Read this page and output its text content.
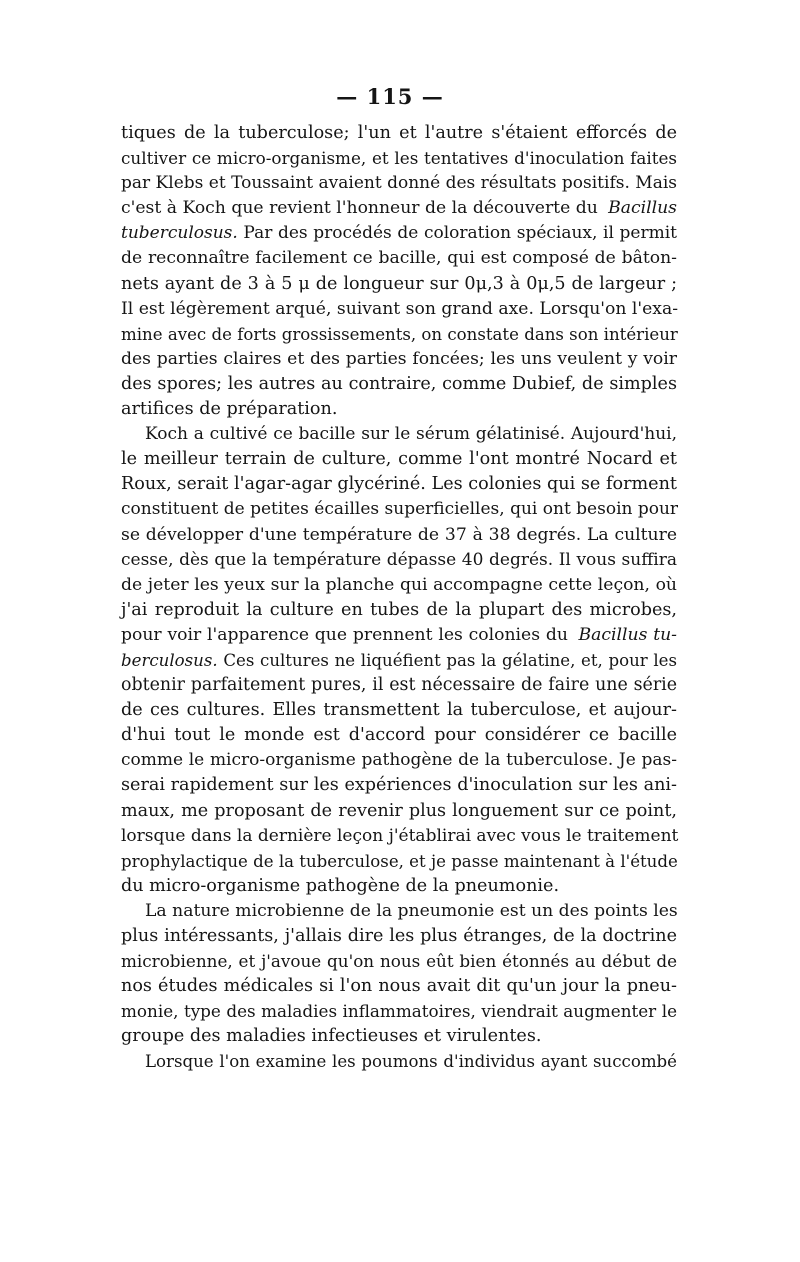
— 115 —
tiques de la tuberculose; l'un et l'autre s'étaient efforcés de
cultiver ce micro-organisme, et les tentatives d'inoculation faites
par Klebs et Toussaint avaient donné des résultats positifs. Mais
c'est à Koch que revient l'honneur de la découverte du Bacillus
tuberculosus. Par des procédés de coloration spéciaux, il permit
de reconnaître facilement ce bacille, qui est composé de bâton-
nets ayant de 3 à 5 μ de longueur sur 0μ,3 à 0μ,5 de largeur ;
Il est légèrement arqué, suivant son grand axe. Lorsqu'on l'exa-
mine avec de forts grossissements, on constate dans son intérieur
des parties claires et des parties foncées; les uns veulent y voir
des spores; les autres au contraire, comme Dubief, de simples
artifices de préparation.
Koch a cultivé ce bacille sur le sérum gélatinisé. Aujourd'hui,
le meilleur terrain de culture, comme l'ont montré Nocard et
Roux, serait l'agar-agar glycériné. Les colonies qui se forment
constituent de petites écailles superficielles, qui ont besoin pour
se développer d'une température de 37 à 38 degrés. La culture
cesse, dès que la température dépasse 40 degrés. Il vous suffira
de jeter les yeux sur la planche qui accompagne cette leçon, où
j'ai reproduit la culture en tubes de la plupart des microbes,
pour voir l'apparence que prennent les colonies du Bacillus tu-
berculosus. Ces cultures ne liquéfient pas la gélatine, et, pour les
obtenir parfaitement pures, il est nécessaire de faire une série
de ces cultures. Elles transmettent la tuberculose, et aujour-
d'hui tout le monde est d'accord pour considérer ce bacille
comme le micro-organisme pathogène de la tuberculose. Je pas-
serai rapidement sur les expériences d'inoculation sur les ani-
maux, me proposant de revenir plus longuement sur ce point,
lorsque dans la dernière leçon j'établirai avec vous le traitement
prophylactique de la tuberculose, et je passe maintenant à l'étude
du micro-organisme pathogène de la pneumonie.
La nature microbienne de la pneumonie est un des points les
plus intéressants, j'allais dire les plus étranges, de la doctrine
microbienne, et j'avoue qu'on nous eût bien étonnés au début de
nos études médicales si l'on nous avait dit qu'un jour la pneu-
monie, type des maladies inflammatoires, viendrait augmenter le
groupe des maladies infectieuses et virulentes.
Lorsque l'on examine les poumons d'individus ayant succombé
